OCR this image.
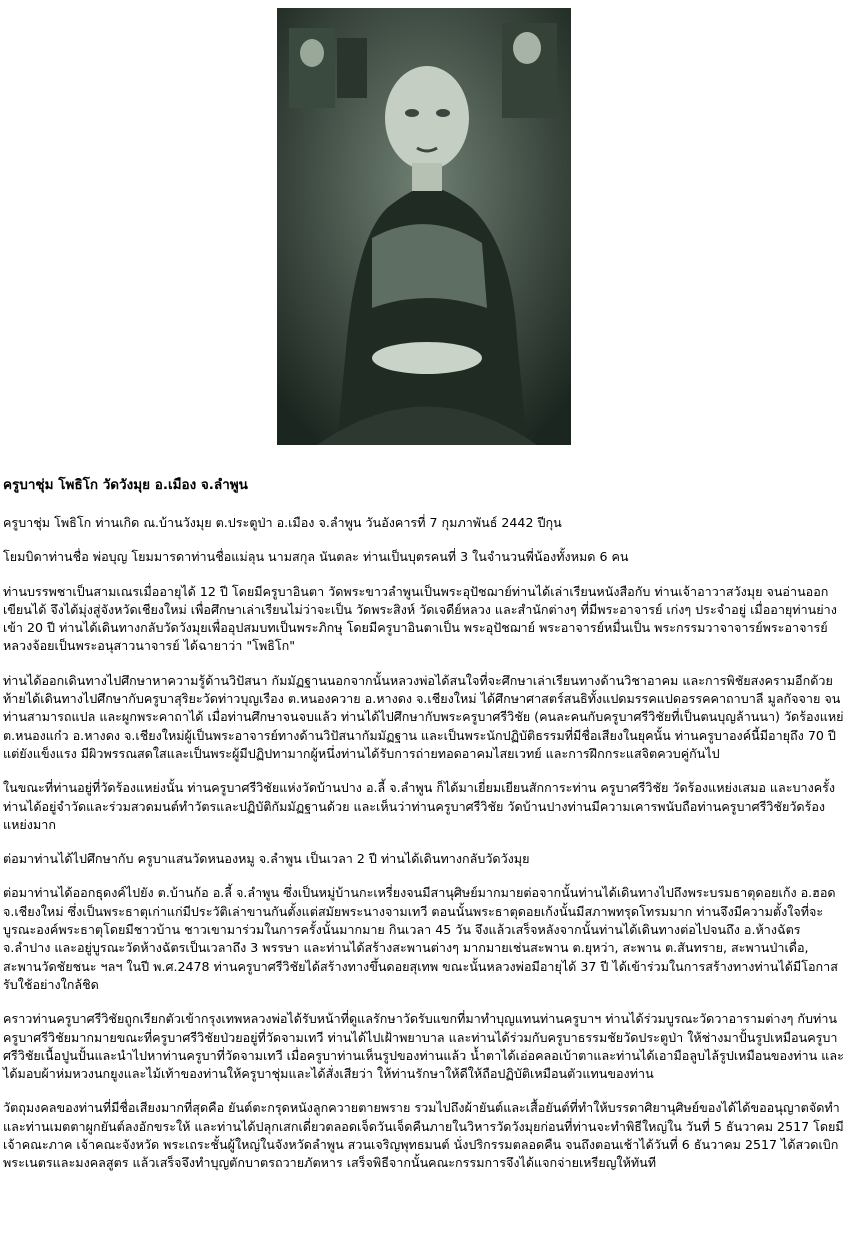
ครูบาชุ่ม โพธิโก วัดวังมุย อ.เมือง จ.ลำพูน
ครูบาชุ่ม โพธิโก ท่านเกิด ณ.บ้านวังมุย ต.ประตูป่า อ.เมือง จ.ลำพูน วันอังคารที่ 7 กุมภาพันธ์ 2442 ปีกุน
โยมบิดาท่านชื่อ พ่อบุญ โยมมารดาท่านชื่อแม่ลุน นามสกุล นันตละ ท่านเป็นบุตรคนที่ 3 ในจำนวนพี่น้องทั้งหมด 6 คน
ท่านบรรพชาเป็นสามเณรเมื่ออายุได้ 12 ปี โดยมีครูบาอินตา วัดพระขาวลำพูนเป็นพระอุปัชฌาย์ท่านได้เล่าเรียนหนังสือกับ ท่านเจ้าอาวาสวังมุย จนอ่านออกเขียนได้ จึงได้มุ่งสู่จังหวัดเชียงใหม่ เพื่อศึกษาเล่าเรียนไม่ว่าจะเป็น วัดพระสิงห์ วัดเจดีย์หลวง และสำนักต่างๆ ที่มีพระอาจารย์ เก่งๆ ประจำอยู่ เมื่ออายุท่านย่างเข้า 20 ปี ท่านได้เดินทางกลับวัดวังมุยเพื่ออุปสมบทเป็นพระภิกษุ โดยมีครูบาอินตาเป็น พระอุปัชฌาย์ พระอาจารย์หมื่นเป็น พระกรรมวาจาจารย์พระอาจารย์ หลวงจ้อยเป็นพระอนุสาวนาจารย์ ได้ฉายาว่า "โพธิโก"
ท่านได้ออกเดินทางไปศึกษาหาความรู้ด้านวิปัสนา กัมมัฏฐานนอกจากนั้นหลวงพ่อได้สนใจที่จะศึกษาเล่าเรียนทางด้านวิชาอาคม และการพิชัยสงครามอีกด้วย ท้ายได้เดินทางไปศึกษากับครูบาสุริยะวัดท่าวบุญเรือง ต.หนองควาย อ.หางดง จ.เชียงใหม่ ได้ศึกษาศาสตร์สนธิทั้งแปดมรรคแปดอรรคคาถาบาลี มูลกัจจาย จนท่านสามารถแปล และผูกพระคาถาได้ เมื่อท่านศึกษาจนจบแล้ว ท่านได้ไปศึกษากับพระครูบาศรีวิชัย (คนละคนกับครูบาศรีวิชัยที่เป็นตนบุญล้านนา) วัดร้องแหย่ ต.หนองแก๋ว อ.หางดง จ.เชียงใหม่ผู้เป็นพระอาจารย์ทางด้านวิปัสนากัมมัฏฐาน และเป็นพระนักปฏิบัติธรรมที่มีชื่อเสียงในยุคนั้น ท่านครูบาองค์นี้มีอายุถึง 70 ปี แต่ยังแข็งแรง มีผิวพรรณสดใสและเป็นพระผู้มีปฏิปทามากผู้หนึ่งท่านได้รับการถ่ายทอดอาคมไสยเวทย์ และการฝึกกระแสจิตควบคู่กันไป
ในขณะที่ท่านอยู่ที่วัดร้องแหย่งนั้น ท่านครูบาศรีวิชัยแห่งวัดบ้านปาง อ.ลี้ จ.ลำพูน ก็ได้มาเยี่ยมเยียนสักการะท่าน ครูบาศรีวิชัย วัดร้องแหย่งเสมอ และบางครั้งท่านได้อยู่จำวัดและร่วมสวดมนต์ทำวัตรและปฏิบัติกัมมัฏฐานด้วย และเห็นว่าท่านครูบาศรีวิชัย วัดบ้านปางท่านมีความเคารพนับถือท่านครูบาศรีวิชัยวัดร้องแหย่งมาก
ต่อมาท่านได้ไปศึกษากับ ครูบาแสนวัดหนองหมู จ.ลำพูน เป็นเวลา 2 ปี ท่านได้เดินทางกลับวัดวังมุย
ต่อมาท่านได้ออกธุดงค์ไปยัง ต.บ้านก้อ อ.ลี้ จ.ลำพูน ซึ่งเป็นหมู่บ้านกะเหรี่ยงจนมีสานุศิษย์มากมายต่อจากนั้นท่านได้เดินทางไปถึงพระบรมธาตุดอยเก้ง อ.ฮอด จ.เชียงใหม่ ซึ่งเป็นพระธาตุเก่าแก่มีประวัติเล่าขานกันตั้งแต่สมัยพระนางจามเทวี ตอนนั้นพระธาตุดอยเก้งนั้นมีสภาพทรุดโทรมมาก ท่านจึงมีความตั้งใจที่จะบูรณะองค์พระธาตุโดยมีชาวบ้าน ชาวเขามาร่วมในการครั้งนั้นมากมาย กินเวลา 45 วัน จึงแล้วเสร็จหลังจากนั้นท่านได้เดินทางต่อไปจนถึง อ.ห้างฉัตร จ.ลำปาง และอยู่บูรณะวัดห้างฉัตรเป็นเวลาถึง 3 พรรษา และท่านได้สร้างสะพานต่างๆ มากมายเช่นสะพาน ต.ยุหว่า, สะพาน ต.สันทราย, สะพานป่าเดื่อ, สะพานวัดชัยชนะ ฯลฯ ในปี พ.ศ.2478 ท่านครูบาศรีวิชัยได้สร้างทางขึ้นดอยสุเทพ ขณะนั้นหลวงพ่อมีอายุได้ 37 ปี ได้เข้าร่วมในการสร้างทางท่านได้มีโอกาสรับใช้อย่างใกล้ชิด
คราวท่านครูบาศรีวิชัยถูกเรียกตัวเข้ากรุงเทพหลวงพ่อได้รับหน้าที่ดูแลรักษาวัดรับแขกที่มาทำบุญแทนท่านครูบาฯ ท่านได้ร่วมบูรณะวัดวาอารามต่างๆ กับท่านครูบาศรีวิชัยมากมายขณะที่ครูบาศรีวิชัยป่วยอยู่ที่วัดจามเทวี ท่านได้ไปเฝ้าพยาบาล และท่านได้ร่วมกับครูบาธรรมชัยวัดประตูป่า ให้ช่างมาปั้นรูปเหมือนครูบาศรีวิชัยเนื้อปูนปั้นและนำไปหาท่านครูบาที่วัดจามเทวี เมื่อครูบาท่านเห็นรูปของท่านแล้ว น้ำตาได้เอ่อคลอเบ้าตาและท่านได้เอามือลูบไล้รูปเหมือนของท่าน และได้มอบผ้าห่มหวงนกยูงและไม้เท้าของท่านให้ครูบาชุ่มและได้สั่งเสียว่า ให้ท่านรักษาให้ดีให้ถือปฏิบัติเหมือนตัวแทนของท่าน
วัตถุมงคลของท่านที่มีชื่อเสียงมากที่สุดคือ ยันต์ตะกรุดหนังลูกควายตายพราย รวมไปถึงผ้ายันต์และเสื้อยันต์ที่ทำให้บรรดาศิยานุศิษย์ของได้ได้ขออนุญาตจัดทำ และท่านเมตตาผูกยันต์ลงอักขระให้ และท่านได้ปลุกเสกเดี่ยวตลอดเจ็ดวันเจ็ดคืนภายในวิหารวัดวังมุยก่อนที่ท่านจะทำพิธีใหญ่ใน วันที่ 5 ธันวาคม 2517 โดยมีเจ้าคณะภาค เจ้าคณะจังหวัด พระเถระชั้นผู้ใหญ่ในจังหวัดลำพูน สวนเจริญพุทธมนต์ นั่งปริกรรมตลอดคืน จนถึงตอนเช้าได้วันที่ 6 ธันวาคม 2517 ได้สวดเบิกพระเนตรและมงคลสูตร แล้วเสร็จจึงทำบุญตักบาตรถวายภัตหาร เสร็จพิธีจากนั้นคณะกรรมการจึงได้แจกจ่ายเหรียญให้ทันที
